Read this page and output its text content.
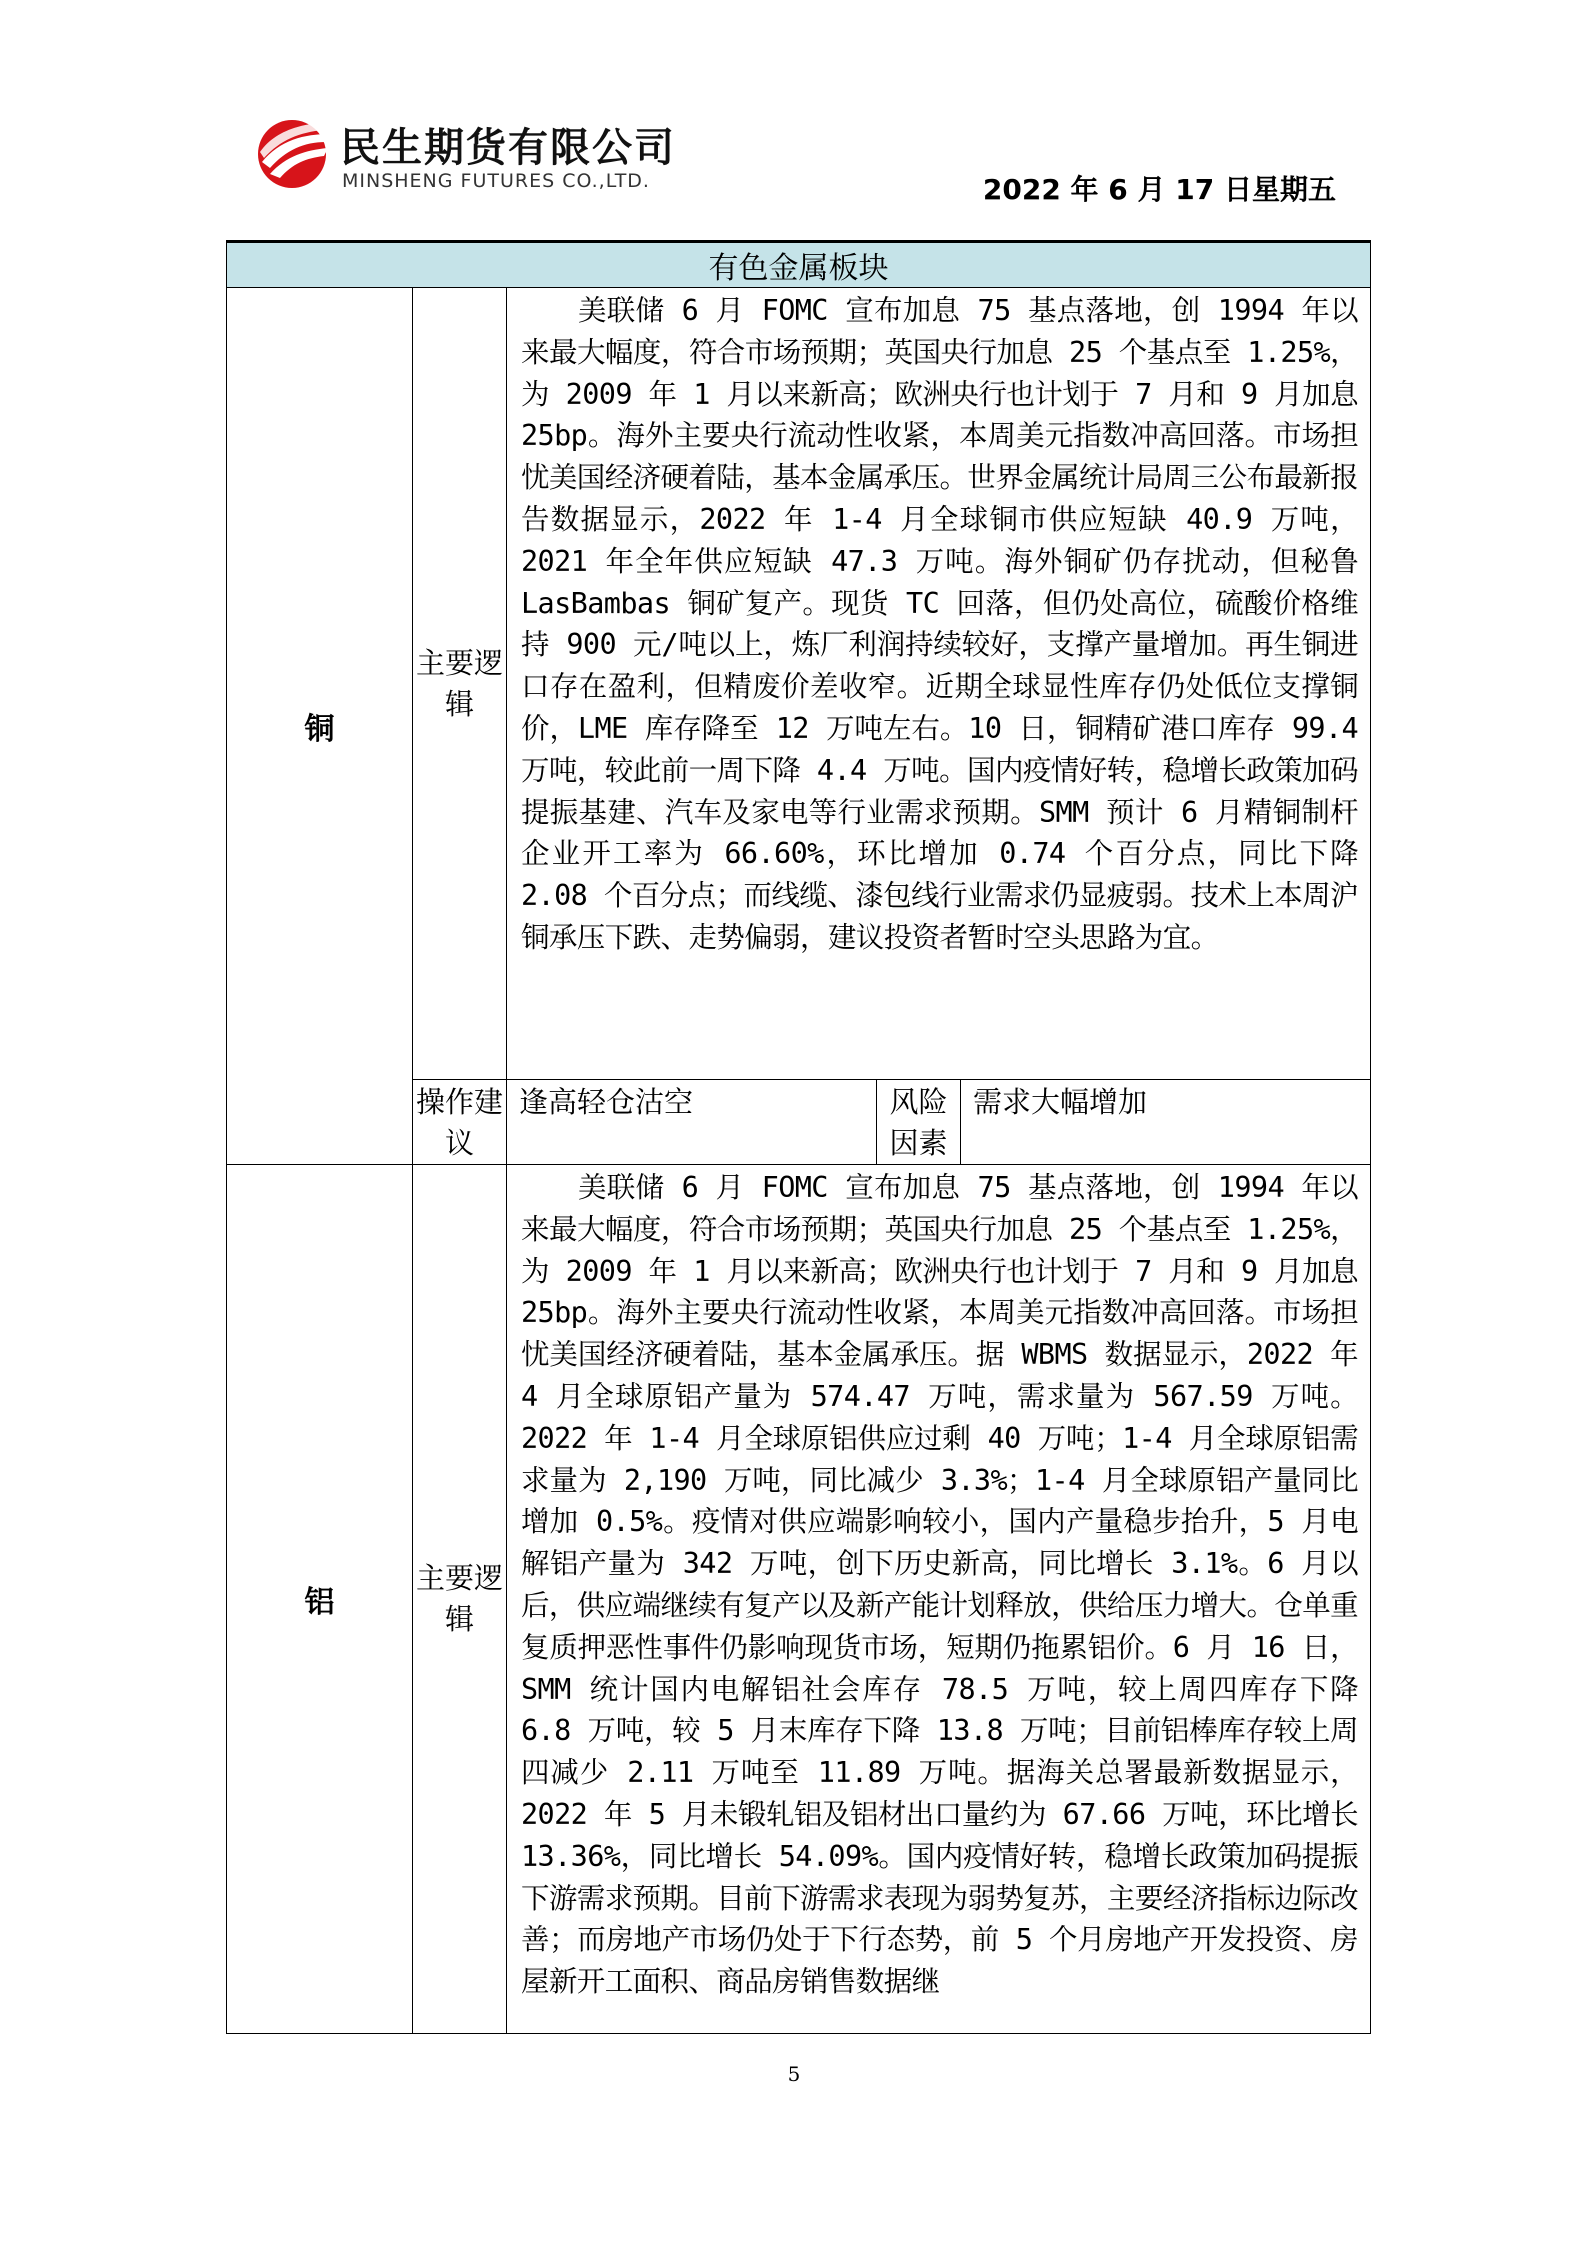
民生期货有限公司
MINSHENG FUTURES CO.,LTD.	2022 年 6 月 17 日星期五
有色金属板块				
铜	主要逻辑	美联储 6 月 FOMC 宣布加息 75 基点落地，创 1994 年以来最大幅度，符合市场预期；英国央行加息 25 个基点至 1.25%，为 2009 年 1 月以来新高；欧洲央行也计划于 7 月和 9 月加息 25bp。海外主要央行流动性收紧，本周美元指数冲高回落。市场担忧美国经济硬着陆，基本金属承压。世界金属统计局周三公布最新报告数据显示，2022 年 1-4 月全球铜市供应短缺 40.9 万吨，2021 年全年供应短缺 47.3 万吨。海外铜矿仍存扰动，但秘鲁 LasBambas 铜矿复产。现货 TC 回落，但仍处高位，硫酸价格维持 900 元/吨以上，炼厂利润持续较好，支撑产量增加。再生铜进口存在盈利，但精废价差收窄。近期全球显性库存仍处低位支撑铜价，LME 库存降至 12 万吨左右。10 日，铜精矿港口库存 99.4 万吨，较此前一周下降 4.4 万吨。国内疫情好转，稳增长政策加码提振基建、汽车及家电等行业需求预期。SMM 预计 6 月精铜制杆企业开工率为 66.60%，环比增加 0.74 个百分点，同比下降 2.08 个百分点；而线缆、漆包线行业需求仍显疲弱。技术上本周沪铜承压下跌、走势偏弱，建议投资者暂时空头思路为宜。		

	操作建议	逢高轻仓沽空	风险因素	需求大幅增加
铝	主要逻辑	美联储 6 月 FOMC 宣布加息 75 基点落地，创 1994 年以来最大幅度，符合市场预期；英国央行加息 25 个基点至 1.25%，为 2009 年 1 月以来新高；欧洲央行也计划于 7 月和 9 月加息 25bp。海外主要央行流动性收紧，本周美元指数冲高回落。市场担忧美国经济硬着陆，基本金属承压。据 WBMS 数据显示，2022 年 4 月全球原铝产量为 574.47 万吨，需求量为 567.59 万吨。2022 年 1-4 月全球原铝供应过剩 40 万吨；1-4 月全球原铝需求量为 2,190 万吨，同比减少 3.3%；1-4 月全球原铝产量同比增加 0.5%。疫情对供应端影响较小，国内产量稳步抬升，5 月电解铝产量为 342 万吨，创下历史新高，同比增长 3.1%。6 月以后，供应端继续有复产以及新产能计划释放，供给压力增大。仓单重复质押恶性事件仍影响现货市场，短期仍拖累铝价。6 月 16 日，SMM 统计国内电解铝社会库存 78.5 万吨，较上周四库存下降 6.8 万吨，较 5 月末库存下降 13.8 万吨；目前铝棒库存较上周四减少 2.11 万吨至 11.89 万吨。据海关总署最新数据显示，2022 年 5 月未锻轧铝及铝材出口量约为 67.66 万吨，环比增长 13.36%，同比增长 54.09%。国内疫情好转，稳增长政策加码提振下游需求预期。目前下游需求表现为弱势复苏，主要经济指标边际改善；而房地产市场仍处于下行态势，前 5 个月房地产开发投资、房屋新开工面积、商品房销售数据继		

5
